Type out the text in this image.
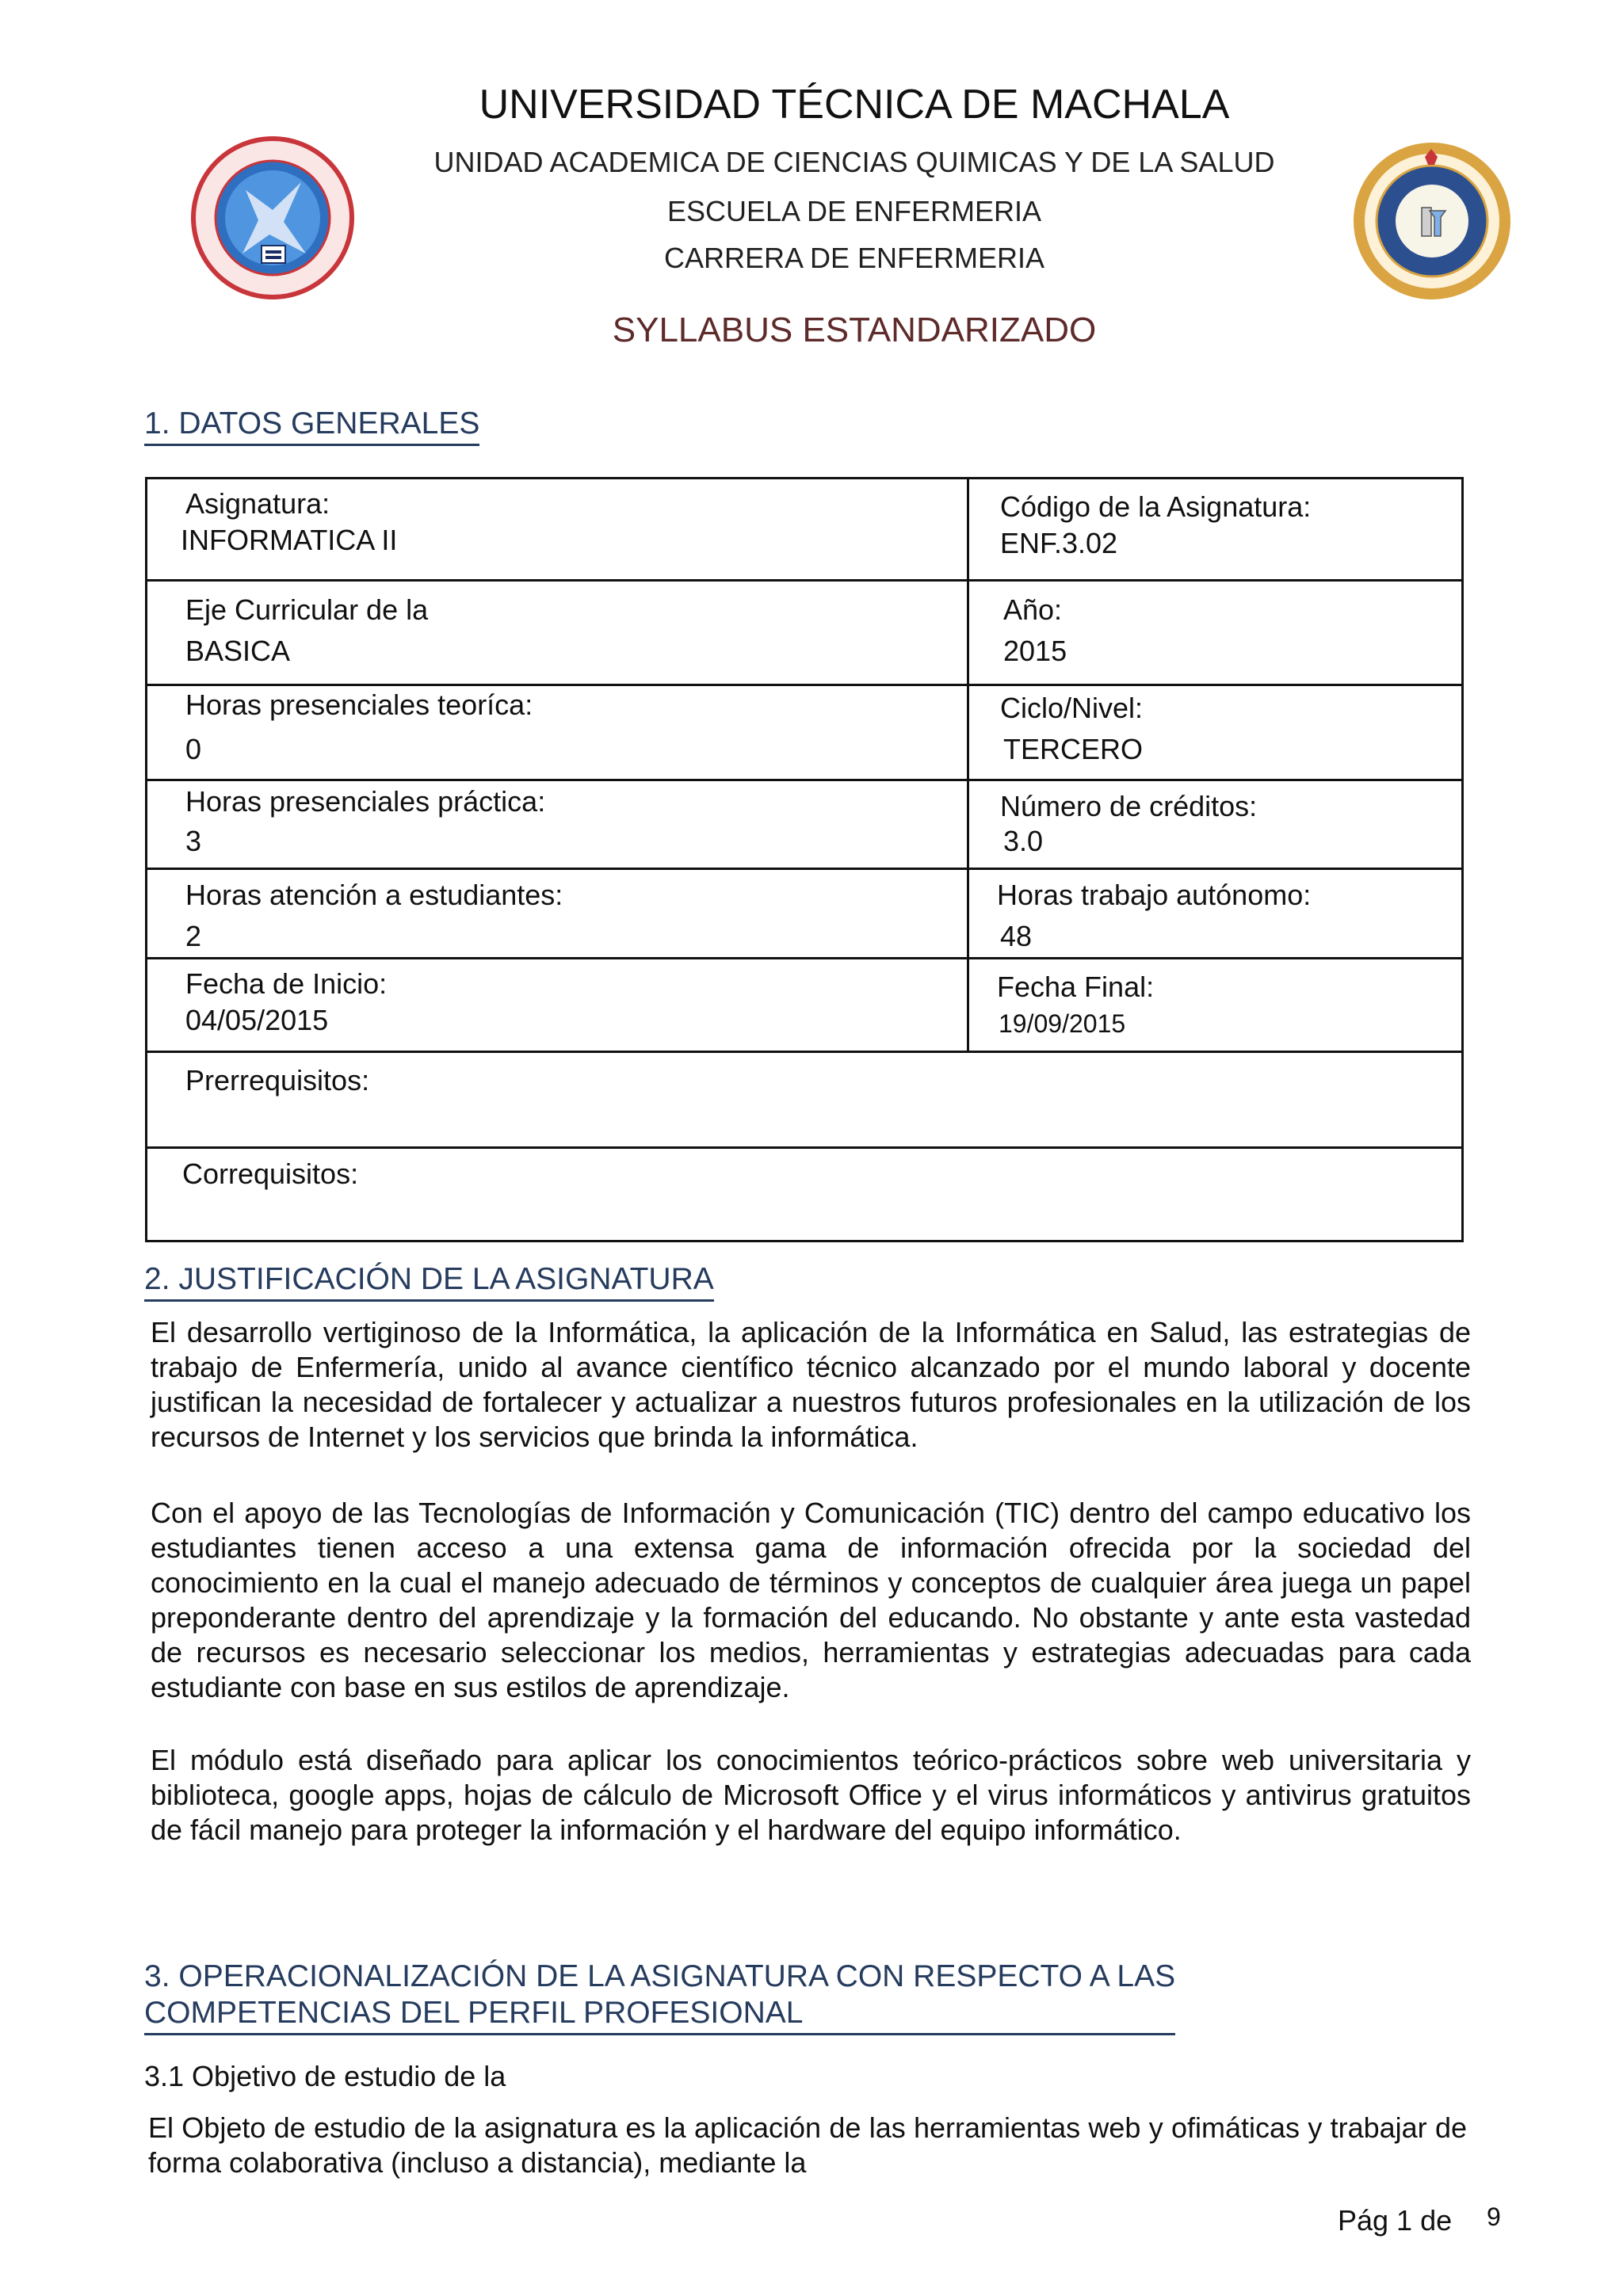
UNIVERSIDAD TÉCNICA DE MACHALA
UNIDAD ACADEMICA DE CIENCIAS QUIMICAS Y DE LA SALUD
ESCUELA DE ENFERMERIA
CARRERA DE ENFERMERIA
SYLLABUS ESTANDARIZADO
1. DATOS GENERALES
Asignatura:
INFORMATICA II
Código de la Asignatura:
ENF.3.02
Eje Curricular de la
BASICA
Año:
2015
Horas presenciales teoríca:
0
Ciclo/Nivel:
TERCERO
Horas presenciales práctica:
3
Número de créditos:
3.0
Horas atención a estudiantes:
2
Horas trabajo autónomo:
48
Fecha de Inicio:
04/05/2015
Fecha Final:
19/09/2015
Prerrequisitos:
Correquisitos:
2. JUSTIFICACIÓN DE LA ASIGNATURA
El desarrollo vertiginoso de la Informática, la aplicación de la Informática en Salud, las estrategias de trabajo de Enfermería, unido al avance científico técnico alcanzado por el mundo laboral y docente justifican la necesidad de fortalecer y actualizar a nuestros futuros profesionales en la utilización de los recursos de Internet y los servicios que brinda la informática.
Con el apoyo de las Tecnologías de Información y Comunicación (TIC) dentro del campo educativo los estudiantes tienen acceso a una extensa gama de información ofrecida por la sociedad del conocimiento en la cual el manejo adecuado de términos y conceptos de cualquier área juega un papel preponderante dentro del aprendizaje y la formación del educando. No obstante y ante esta vastedad de recursos es necesario seleccionar los medios, herramientas y estrategias adecuadas para cada estudiante con base en sus estilos de aprendizaje.
El módulo está diseñado para aplicar los conocimientos teórico-prácticos sobre web universitaria y biblioteca, google apps, hojas de cálculo de Microsoft Office y el virus informáticos y antivirus gratuitos de fácil manejo para proteger la información y el hardware del equipo informático.
3. OPERACIONALIZACIÓN DE LA ASIGNATURA CON RESPECTO A LAS
COMPETENCIAS DEL PERFIL PROFESIONAL
3.1 Objetivo de estudio de la
El Objeto de estudio de la asignatura es la aplicación de las herramientas web y ofimáticas y trabajar de forma colaborativa (incluso a distancia), mediante la
Pág 1 de 9
